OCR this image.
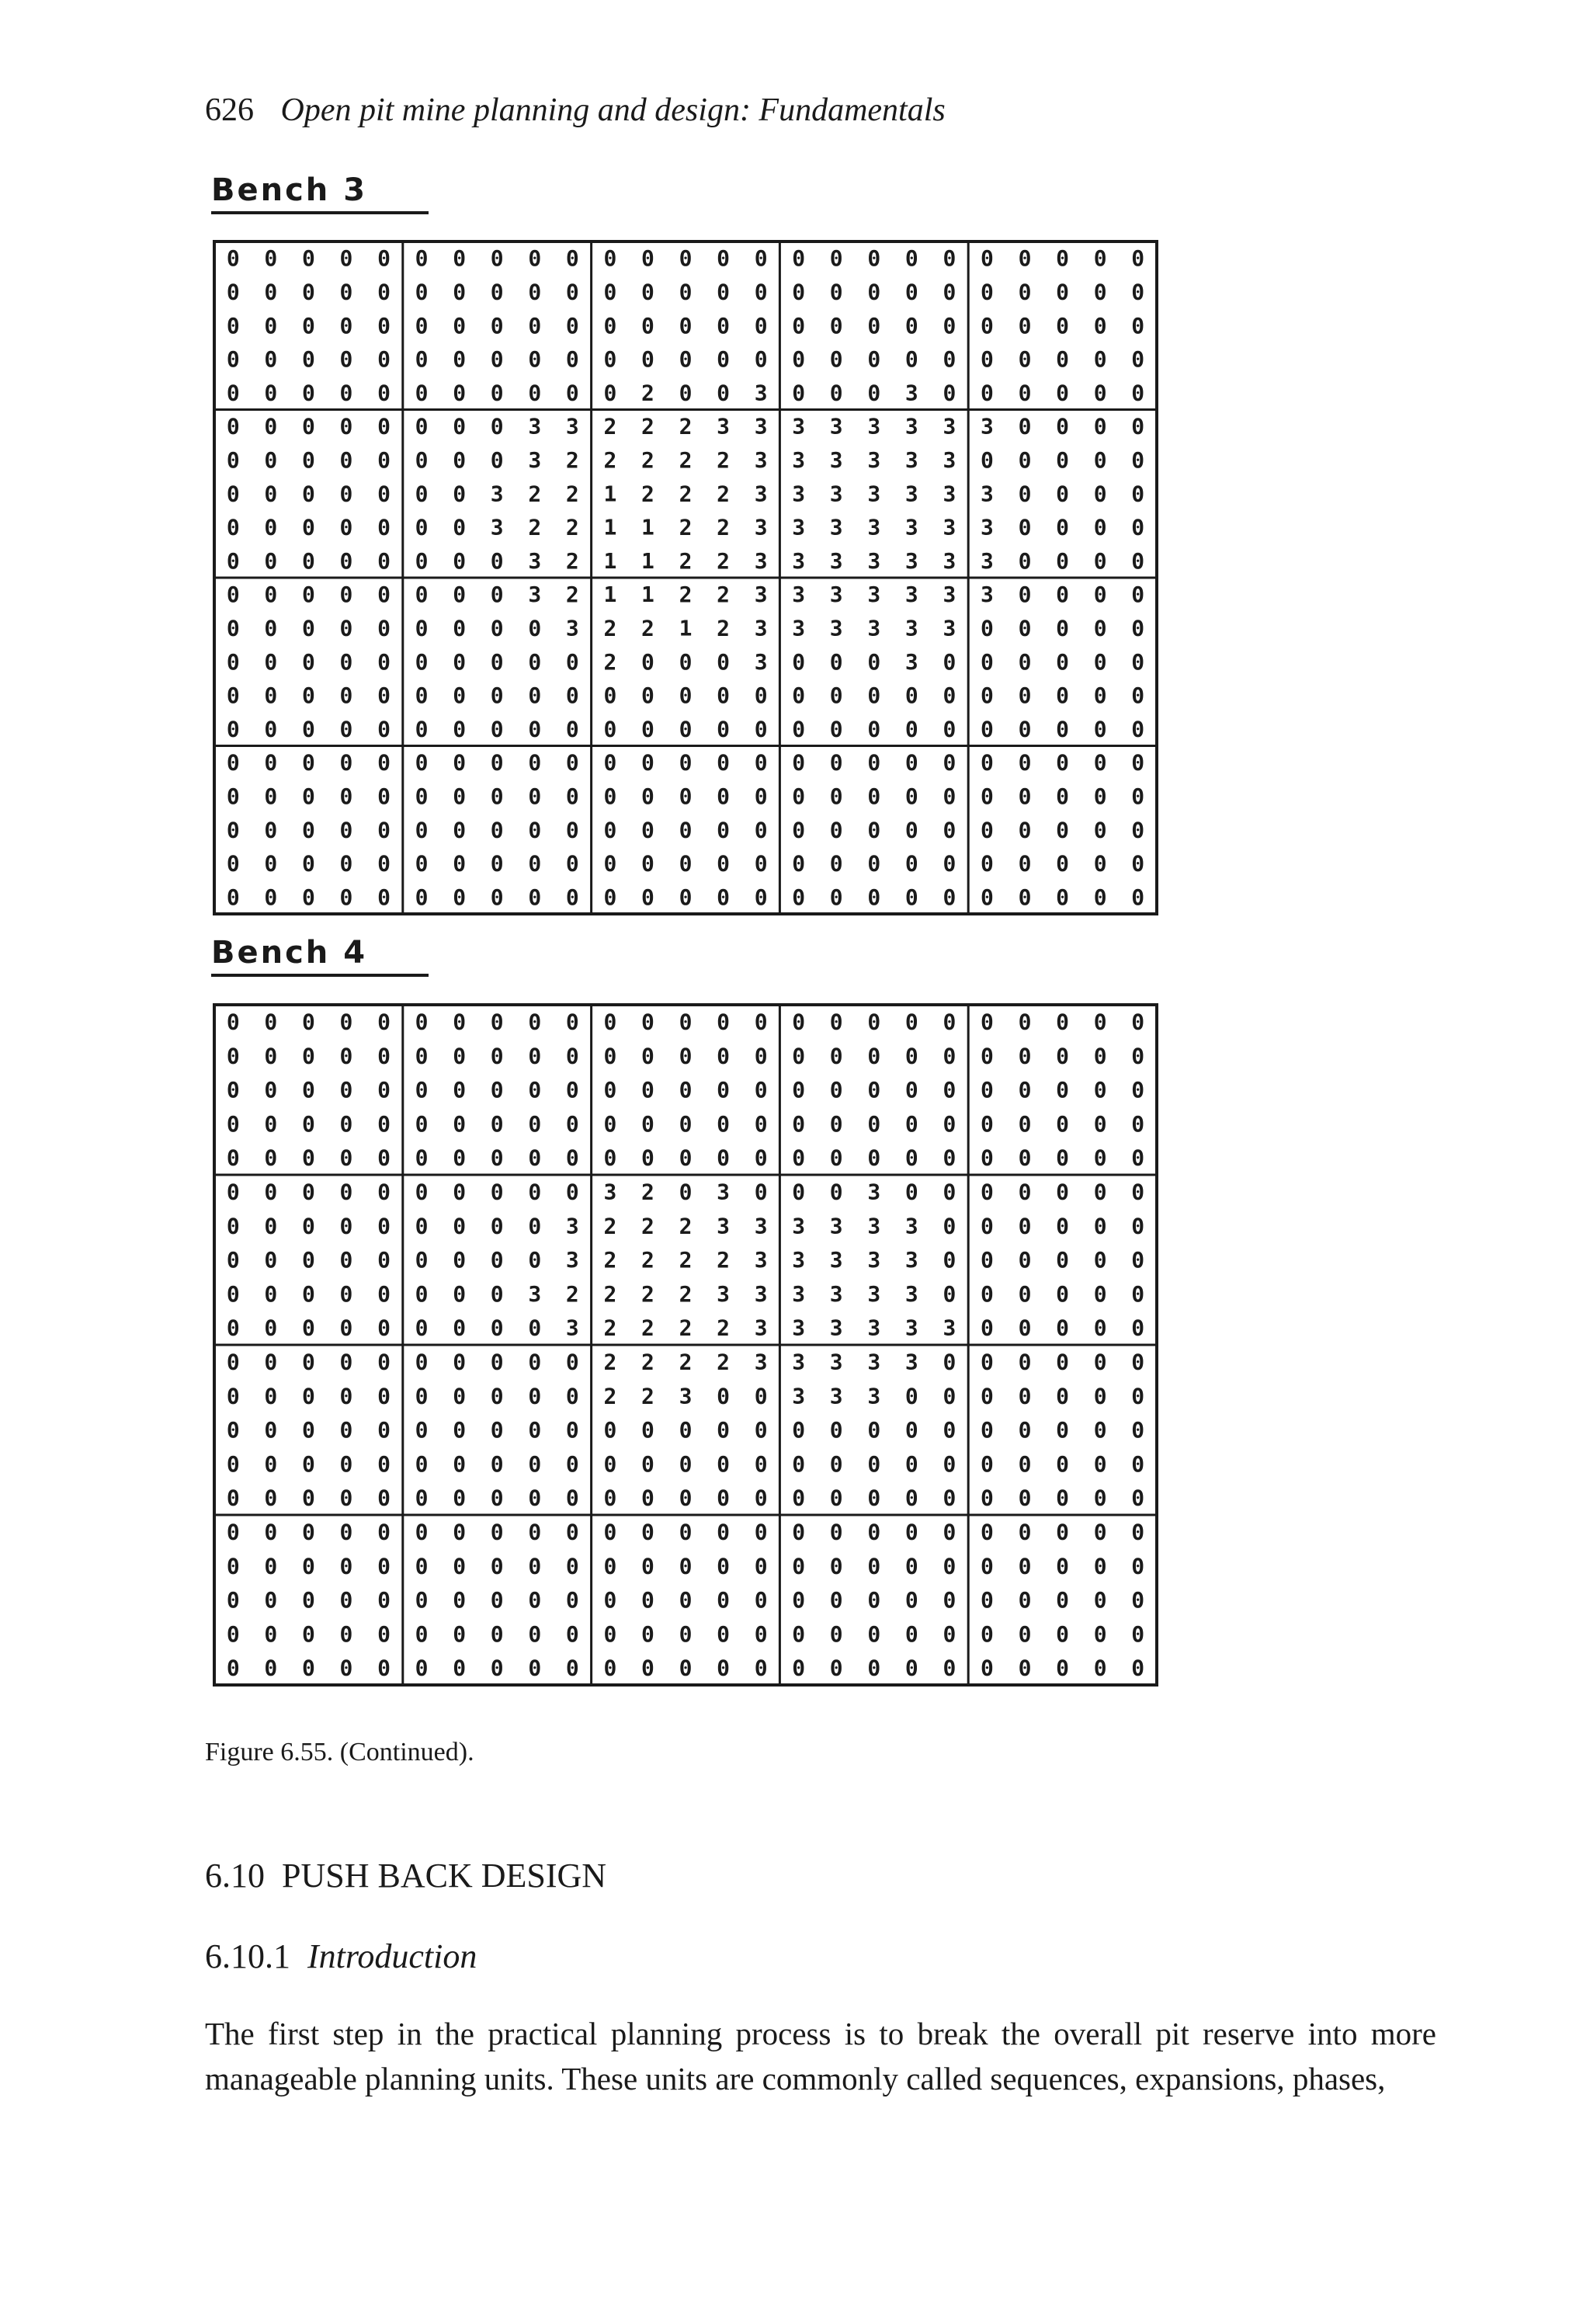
626 Open pit mine planning and design: Fundamentals
Bench 3
0 0 0 0 0 0 0 0 0 0 0 0 0 0 0 0 0 0 0 0 0 0 0 0 0
0 0 0 0 0 0 0 0 0 0 0 0 0 0 0 0 0 0 0 0 0 0 0 0 0
0 0 0 0 0 0 0 0 0 0 0 0 0 0 0 0 0 0 0 0 0 0 0 0 0
0 0 0 0 0 0 0 0 0 0 0 0 0 0 0 0 0 0 0 0 0 0 0 0 0
0 0 0 0 0 0 0 0 0 0 0 2 0 0 3 0 0 0 3 0 0 0 0 0 0
0 0 0 0 0 0 0 0 3 3 2 2 2 3 3 3 3 3 3 3 3 0 0 0 0
0 0 0 0 0 0 0 0 3 2 2 2 2 2 3 3 3 3 3 3 0 0 0 0 0
0 0 0 0 0 0 0 3 2 2 1 2 2 2 3 3 3 3 3 3 3 0 0 0 0
0 0 0 0 0 0 0 3 2 2 1 1 2 2 3 3 3 3 3 3 3 0 0 0 0
0 0 0 0 0 0 0 0 3 2 1 1 2 2 3 3 3 3 3 3 3 0 0 0 0
0 0 0 0 0 0 0 0 3 2 1 1 2 2 3 3 3 3 3 3 3 0 0 0 0
0 0 0 0 0 0 0 0 0 3 2 2 1 2 3 3 3 3 3 3 0 0 0 0 0
0 0 0 0 0 0 0 0 0 0 2 0 0 0 3 0 0 0 3 0 0 0 0 0 0
0 0 0 0 0 0 0 0 0 0 0 0 0 0 0 0 0 0 0 0 0 0 0 0 0
0 0 0 0 0 0 0 0 0 0 0 0 0 0 0 0 0 0 0 0 0 0 0 0 0
0 0 0 0 0 0 0 0 0 0 0 0 0 0 0 0 0 0 0 0 0 0 0 0 0
0 0 0 0 0 0 0 0 0 0 0 0 0 0 0 0 0 0 0 0 0 0 0 0 0
0 0 0 0 0 0 0 0 0 0 0 0 0 0 0 0 0 0 0 0 0 0 0 0 0
0 0 0 0 0 0 0 0 0 0 0 0 0 0 0 0 0 0 0 0 0 0 0 0 0
0 0 0 0 0 0 0 0 0 0 0 0 0 0 0 0 0 0 0 0 0 0 0 0 0
Bench 4
0 0 0 0 0 0 0 0 0 0 0 0 0 0 0 0 0 0 0 0 0 0 0 0 0
0 0 0 0 0 0 0 0 0 0 0 0 0 0 0 0 0 0 0 0 0 0 0 0 0
0 0 0 0 0 0 0 0 0 0 0 0 0 0 0 0 0 0 0 0 0 0 0 0 0
0 0 0 0 0 0 0 0 0 0 0 0 0 0 0 0 0 0 0 0 0 0 0 0 0
0 0 0 0 0 0 0 0 0 0 0 0 0 0 0 0 0 0 0 0 0 0 0 0 0
0 0 0 0 0 0 0 0 0 0 3 2 0 3 0 0 0 3 0 0 0 0 0 0 0
0 0 0 0 0 0 0 0 0 3 2 2 2 3 3 3 3 3 3 0 0 0 0 0 0
0 0 0 0 0 0 0 0 0 3 2 2 2 2 3 3 3 3 3 0 0 0 0 0 0
0 0 0 0 0 0 0 0 3 2 2 2 2 3 3 3 3 3 3 0 0 0 0 0 0
0 0 0 0 0 0 0 0 0 3 2 2 2 2 3 3 3 3 3 3 0 0 0 0 0
0 0 0 0 0 0 0 0 0 0 2 2 2 2 3 3 3 3 3 0 0 0 0 0 0
0 0 0 0 0 0 0 0 0 0 2 2 3 0 0 3 3 3 0 0 0 0 0 0 0
0 0 0 0 0 0 0 0 0 0 0 0 0 0 0 0 0 0 0 0 0 0 0 0 0
0 0 0 0 0 0 0 0 0 0 0 0 0 0 0 0 0 0 0 0 0 0 0 0 0
0 0 0 0 0 0 0 0 0 0 0 0 0 0 0 0 0 0 0 0 0 0 0 0 0
0 0 0 0 0 0 0 0 0 0 0 0 0 0 0 0 0 0 0 0 0 0 0 0 0
0 0 0 0 0 0 0 0 0 0 0 0 0 0 0 0 0 0 0 0 0 0 0 0 0
0 0 0 0 0 0 0 0 0 0 0 0 0 0 0 0 0 0 0 0 0 0 0 0 0
0 0 0 0 0 0 0 0 0 0 0 0 0 0 0 0 0 0 0 0 0 0 0 0 0
0 0 0 0 0 0 0 0 0 0 0 0 0 0 0 0 0 0 0 0 0 0 0 0 0
Figure 6.55. (Continued).
6.10 PUSH BACK DESIGN
6.10.1 Introduction
The first step in the practical planning process is to break the overall pit reserve into more manageable planning units. These units are commonly called sequences, expansions, phases,
